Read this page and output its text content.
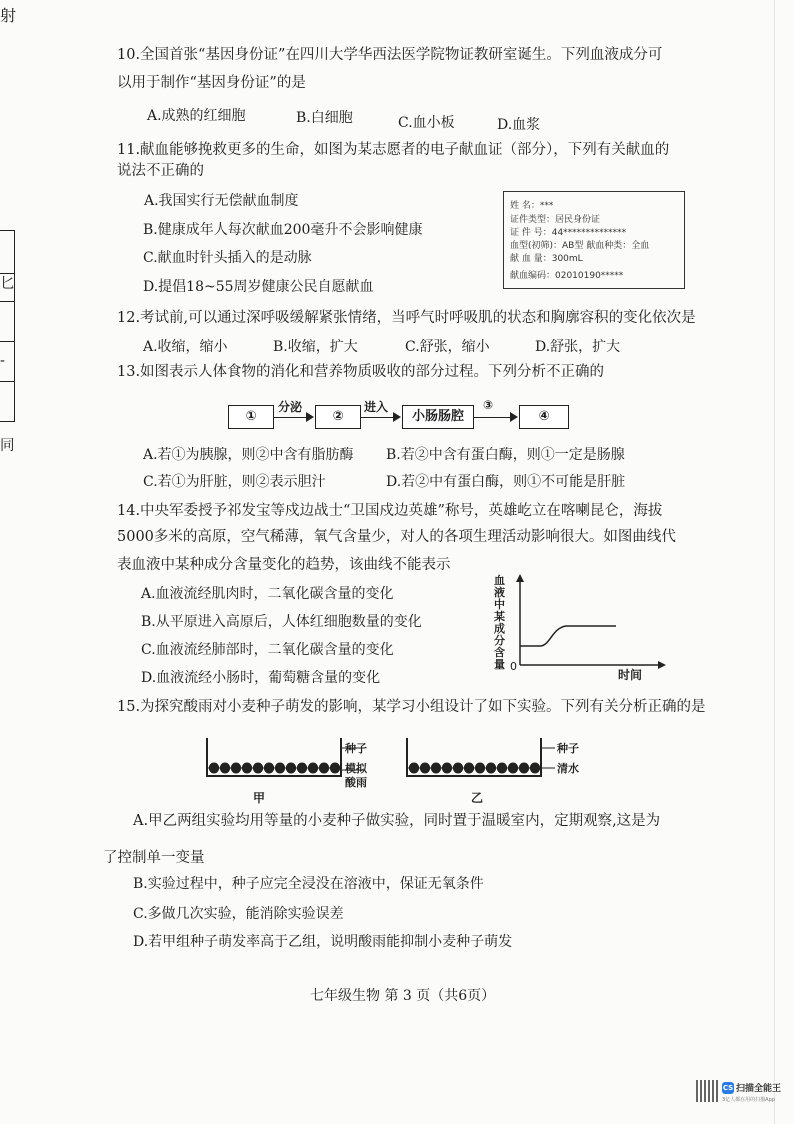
射
匕
-
同
10.全国首张“基因身份证”在四川大学华西法医学院物证教研室诞生。下列血液成分可
以用于制作“基因身份证”的是
A.成熟的红细胞	B.白细胞	C.血小板	D.血浆
11.献血能够挽救更多的生命，如图为某志愿者的电子献血证（部分），下列有关献血的
说法不正确的
A.我国实行无偿献血制度
B.健康成年人每次献血200毫升不会影响健康
C.献血时针头插入的是动脉
D.提倡18~55周岁健康公民自愿献血
姓 名：***
证件类型：居民身份证
证 件 号：44**************
血型(初筛)：AB型 献血种类：全血
献 血 量：300mL
献血编码：02010190*****
12.考试前,可以通过深呼吸缓解紧张情绪，当呼气时呼吸肌的状态和胸廓容积的变化依次是
A.收缩，缩小	B.收缩，扩大	C.舒张，缩小	D.舒张，扩大
13.如图表示人体食物的消化和营养物质吸收的部分过程。下列分析不正确的
①
分泌
②
进入
小肠肠腔
③
④
A.若①为胰腺，则②中含有脂肪酶 B.若②中含有蛋白酶，则①一定是肠腺
C.若①为肝脏，则②表示胆汁	D.若②中有蛋白酶，则①不可能是肝脏
14.中央军委授予祁发宝等戍边战士“卫国戍边英雄”称号，英雄屹立在喀喇昆仑，海拔
5000多米的高原，空气稀薄，氧气含量少，对人的各项生理活动影响很大。如图曲线代
表血液中某种成分含量变化的趋势，该曲线不能表示
A.血液流经肌肉时，二氧化碳含量的变化
B.从平原进入高原后，人体红细胞数量的变化
C.血液流经肺部时，二氧化碳含量的变化
D.血液流经小肠时，葡萄糖含量的变化
血
液
中
某
成
分
含
量 0
时间
15.为探究酸雨对小麦种子萌发的影响，某学习小组设计了如下实验。下列有关分析正确的是
种子
模拟
酸雨
甲
种子
清水
乙
A.甲乙两组实验均用等量的小麦种子做实验，同时置于温暖室内，定期观察,这是为
了控制单一变量
B.实验过程中，种子应完全浸没在溶液中，保证无氧条件
C.多做几次实验，能消除实验误差
D.若甲组种子萌发率高于乙组，说明酸雨能抑制小麦种子萌发
七年级生物 第 3 页（共6页）
CS 扫描全能王
3亿人都在用的扫描App
